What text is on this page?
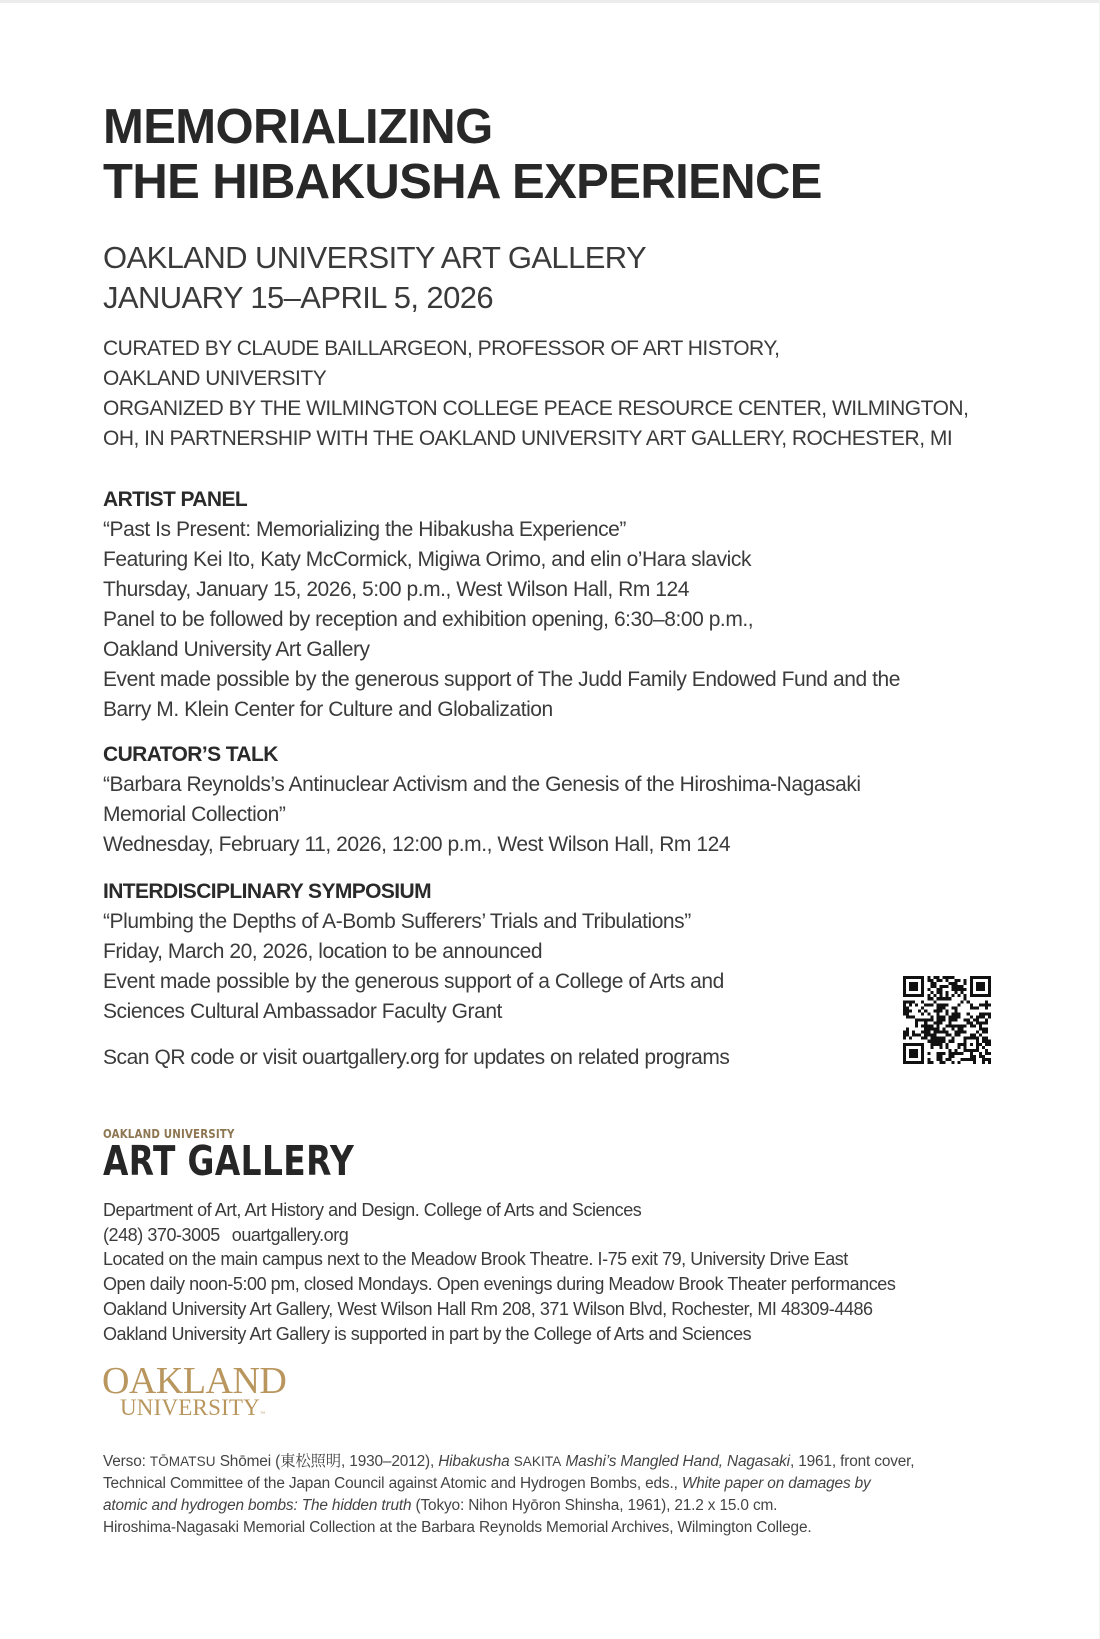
MEMORIALIZING
THE HIBAKUSHA EXPERIENCE
OAKLAND UNIVERSITY ART GALLERY
JANUARY 15–APRIL 5, 2026
CURATED BY CLAUDE BAILLARGEON, PROFESSOR OF ART HISTORY,
OAKLAND UNIVERSITY
ORGANIZED BY THE WILMINGTON COLLEGE PEACE RESOURCE CENTER, WILMINGTON,
OH, IN PARTNERSHIP WITH THE OAKLAND UNIVERSITY ART GALLERY, ROCHESTER, MI
ARTIST PANEL
“Past Is Present: Memorializing the Hibakusha Experience”
Featuring Kei Ito, Katy McCormick, Migiwa Orimo, and elin o’Hara slavick
Thursday, January 15, 2026, 5:00 p.m., West Wilson Hall, Rm 124
Panel to be followed by reception and exhibition opening, 6:30–8:00 p.m.,
Oakland University Art Gallery
Event made possible by the generous support of The Judd Family Endowed Fund and the
Barry M. Klein Center for Culture and Globalization
CURATOR’S TALK
“Barbara Reynolds’s Antinuclear Activism and the Genesis of the Hiroshima-Nagasaki
Memorial Collection”
Wednesday, February 11, 2026, 12:00 p.m., West Wilson Hall, Rm 124
INTERDISCIPLINARY SYMPOSIUM
“Plumbing the Depths of A-Bomb Sufferers’ Trials and Tribulations”
Friday, March 20, 2026, location to be announced
Event made possible by the generous support of a College of Arts and
Sciences Cultural Ambassador Faculty Grant
Scan QR code or visit ouartgallery.org for updates on related programs
OAKLAND UNIVERSITY
ART GALLERY
Department of Art, Art History and Design. College of Arts and Sciences
(248) 370-3005 ouartgallery.org
Located on the main campus next to the Meadow Brook Theatre. I-75 exit 79, University Drive East
Open daily noon-5:00 pm, closed Mondays. Open evenings during Meadow Brook Theater performances
Oakland University Art Gallery, West Wilson Hall Rm 208, 371 Wilson Blvd, Rochester, MI 48309-4486
Oakland University Art Gallery is supported in part by the College of Arts and Sciences
OAKLAND
UNIVERSITY™
Verso: TŌMATSU Shōmei (東松照明, 1930–2012), Hibakusha SAKITA Mashi’s Mangled Hand, Nagasaki, 1961, front cover,
Technical Committee of the Japan Council against Atomic and Hydrogen Bombs, eds., White paper on damages by
atomic and hydrogen bombs: The hidden truth (Tokyo: Nihon Hyōron Shinsha, 1961), 21.2 x 15.0 cm.
Hiroshima-Nagasaki Memorial Collection at the Barbara Reynolds Memorial Archives, Wilmington College.
